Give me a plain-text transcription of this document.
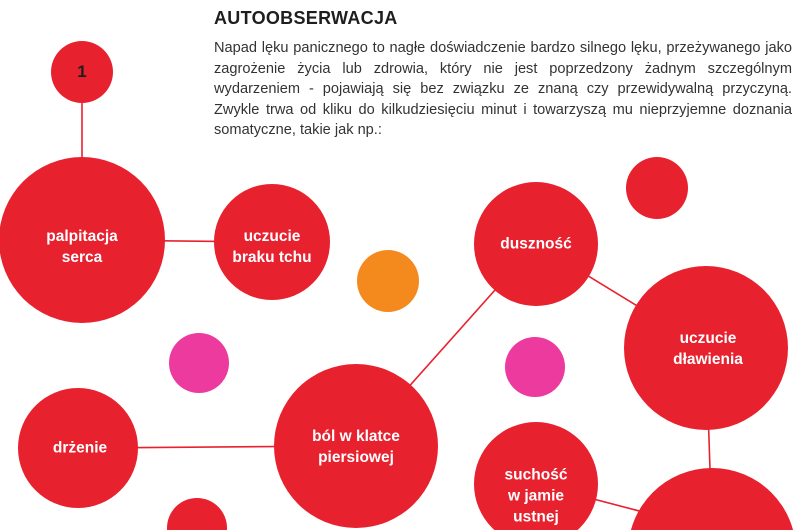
AUTOOBSERWACJA

Napad lęku panicznego to nagłe doświadczenie bardzo silnego lęku, przeżywanego jako zagrożenie życia lub zdrowia, który nie jest poprzedzony żadnym szczególnym wydarzeniem - pojawiają się bez związku ze znaną czy przewidywalną przyczyną. Zwykle trwa od kliku do kilkudziesięciu minut i towarzyszą mu nieprzyjemne doznania somatyczne, takie jak np.:

1
palpitacja
serca
uczucie
braku tchu
duszność
uczucie
dławienia
ból w klatce
piersiowej
drżenie
suchość
w jamie
ustnej
